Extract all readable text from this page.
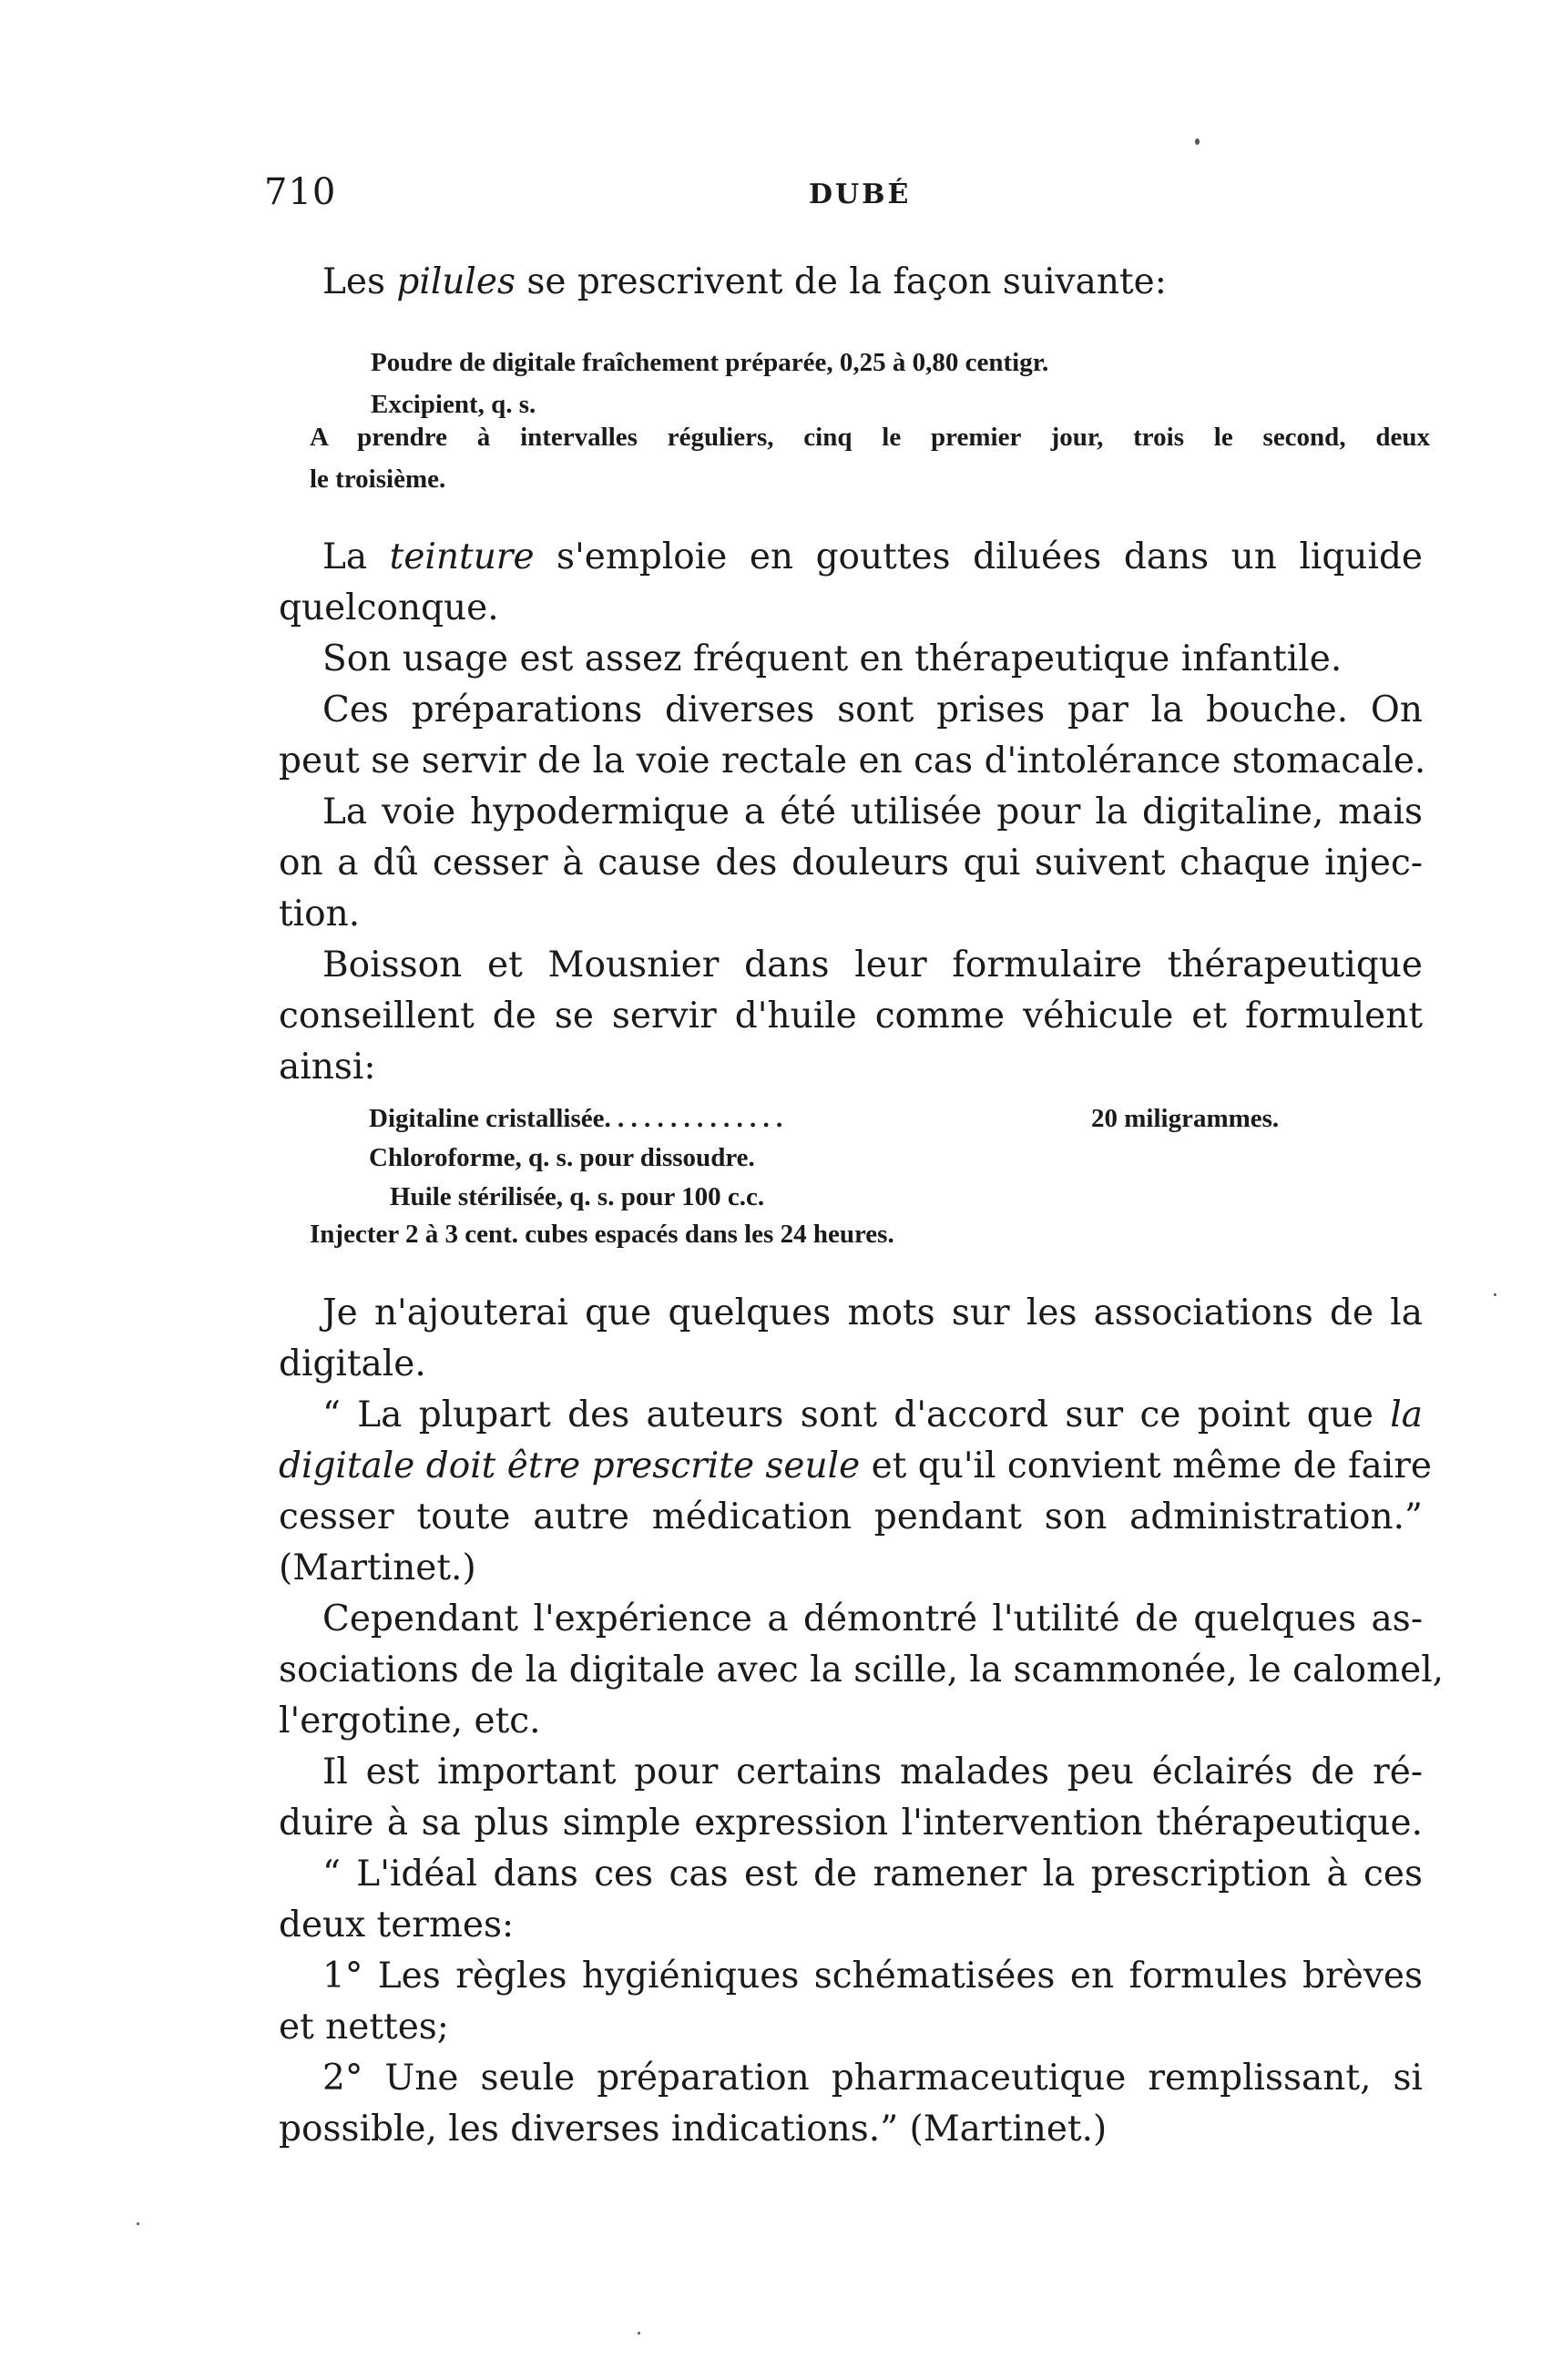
710	DUBÉ
Les pilules se prescrivent de la façon suivante:
Poudre de digitale fraîchement préparée, 0,25 à 0,80 centigr.
Excipient, q. s.
A prendre à intervalles réguliers, cinq le premier jour, trois le second, deux
le troisième.
La teinture s'emploie en gouttes diluées dans un liquide
quelconque.
Son usage est assez fréquent en thérapeutique infantile.
Ces préparations diverses sont prises par la bouche. On
peut se servir de la voie rectale en cas d'intolérance stomacale.
La voie hypodermique a été utilisée pour la digitaline, mais
on a dû cesser à cause des douleurs qui suivent chaque injec-
tion.
Boisson et Mousnier dans leur formulaire thérapeutique
conseillent de se servir d'huile comme véhicule et formulent
ainsi:
Digitaline cristallisée. . . . . . . . . . . . . .	20 miligrammes.
Chloroforme, q. s. pour dissoudre.
Huile stérilisée, q. s. pour 100 c.c.
Injecter 2 à 3 cent. cubes espacés dans les 24 heures.
Je n'ajouterai que quelques mots sur les associations de la
digitale.
“ La plupart des auteurs sont d'accord sur ce point que la
digitale doit être prescrite seule et qu'il convient même de faire
cesser toute autre médication pendant son administration.”
(Martinet.)
Cependant l'expérience a démontré l'utilité de quelques as-
sociations de la digitale avec la scille, la scammonée, le calomel,
l'ergotine, etc.
Il est important pour certains malades peu éclairés de ré-
duire à sa plus simple expression l'intervention thérapeutique.
“ L'idéal dans ces cas est de ramener la prescription à ces
deux termes:
1° Les règles hygiéniques schématisées en formules brèves
et nettes;
2° Une seule préparation pharmaceutique remplissant, si
possible, les diverses indications.” (Martinet.)
